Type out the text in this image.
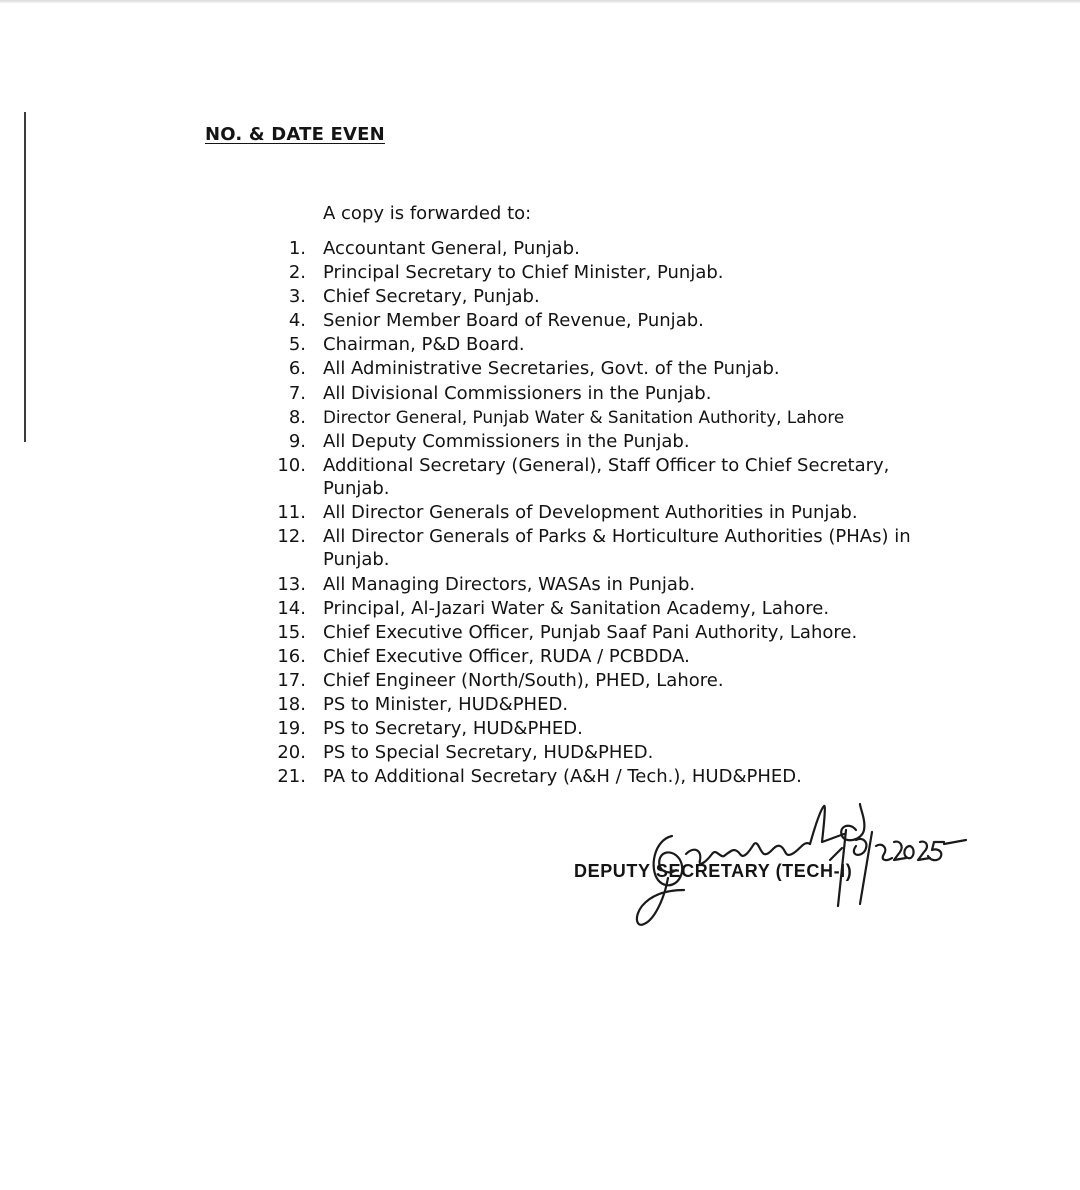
NO. & DATE EVEN
A copy is forwarded to:
1. Accountant General, Punjab.
2. Principal Secretary to Chief Minister, Punjab.
3. Chief Secretary, Punjab.
4. Senior Member Board of Revenue, Punjab.
5. Chairman, P&D Board.
6. All Administrative Secretaries, Govt. of the Punjab.
7. All Divisional Commissioners in the Punjab.
8. Director General, Punjab Water & Sanitation Authority, Lahore
9. All Deputy Commissioners in the Punjab.
10. Additional Secretary (General), Staff Officer to Chief Secretary, Punjab.
11. All Director Generals of Development Authorities in Punjab.
12. All Director Generals of Parks & Horticulture Authorities (PHAs) in Punjab.
13. All Managing Directors, WASAs in Punjab.
14. Principal, Al-Jazari Water & Sanitation Academy, Lahore.
15. Chief Executive Officer, Punjab Saaf Pani Authority, Lahore.
16. Chief Executive Officer, RUDA / PCBDDA.
17. Chief Engineer (North/South), PHED, Lahore.
18. PS to Minister, HUD&PHED.
19. PS to Secretary, HUD&PHED.
20. PS to Special Secretary, HUD&PHED.
21. PA to Additional Secretary (A&H / Tech.), HUD&PHED.
DEPUTY SECRETARY (TECH-I)
